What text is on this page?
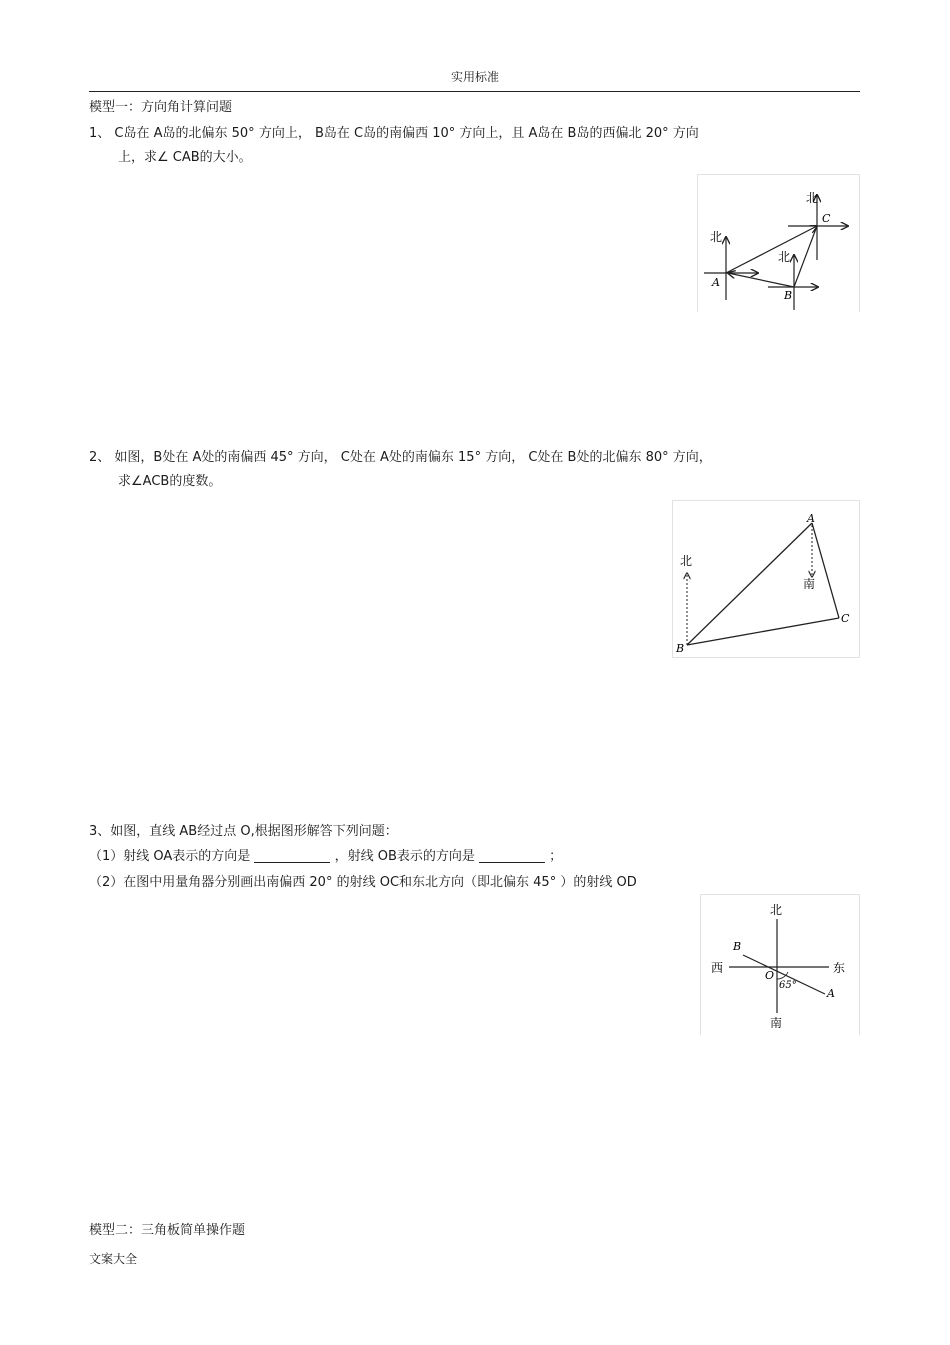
实用标准
模型一：方向角计算问题
1、 C岛在 A岛的北偏东 50° 方向上， B岛在 C岛的南偏西 10° 方向上，且 A岛在 B岛的西偏北 20° 方向
上，求∠ CAB的大小。
北
北
北
A
B
C
2、 如图，B处在 A处的南偏西 45° 方向， C处在 A处的南偏东 15° 方向， C处在 B处的北偏东 80° 方向，
求∠ACB的度数。
北
南
A
B
C
3、如图，直线 AB经过点 O,根据图形解答下列问题：
（1）射线 OA表示的方向是	，射线 OB表示的方向是	；
（2）在图中用量角器分别画出南偏西 20° 的射线 OC和东北方向（即北偏东 45° ）的射线 OD
北
南
西	东
O
A
B
65°
模型二：三角板简单操作题
文案大全
